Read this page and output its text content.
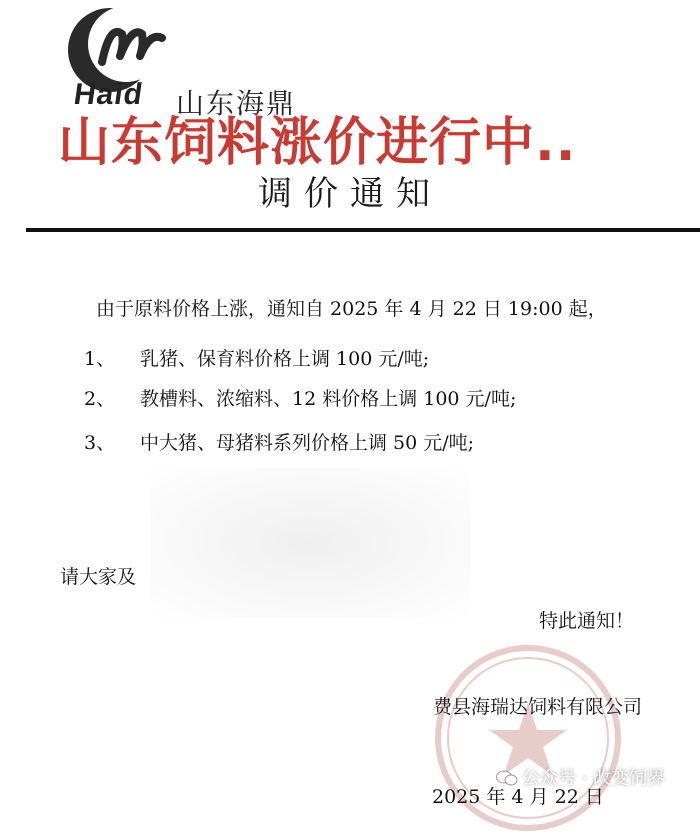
Haid 山东海鼎
山东饲料涨价进行中..
调价通知
由于原料价格上涨，通知自 2025 年 4 月 22 日 19:00 起，
1、 乳猪、保育料价格上调 100 元/吨;
2、 教槽料、浓缩料、12 料价格上调 100 元/吨;
3、 中大猪、母猪料系列价格上调 50 元/吨;
请大家及
特此通知！
费县海瑞达饲料有限公司
公众号 · 改变饲界
2025 年 4 月 22 日
